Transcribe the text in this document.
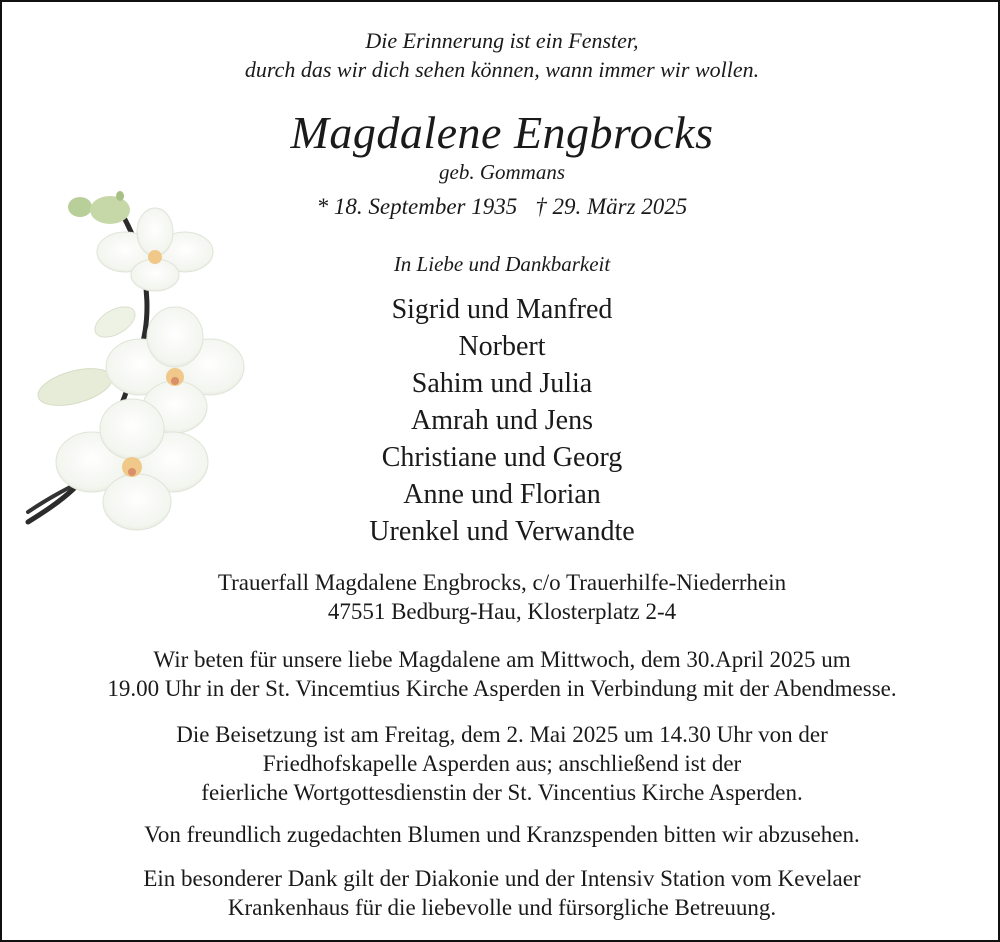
Die Erinnerung ist ein Fenster,
durch das wir dich sehen können, wann immer wir wollen.
Magdalene Engbrocks
geb. Gommans
* 18. September 1935 † 29. März 2025
In Liebe und Dankbarkeit
Sigrid und Manfred
Norbert
Sahim und Julia
Amrah und Jens
Christiane und Georg
Anne und Florian
Urenkel und Verwandte
Trauerfall Magdalene Engbrocks, c/o Trauerhilfe-Niederrhein
47551 Bedburg-Hau, Klosterplatz 2-4
Wir beten für unsere liebe Magdalene am Mittwoch, dem 30.April 2025 um
19.00 Uhr in der St. Vincemtius Kirche Asperden in Verbindung mit der Abendmesse.
Die Beisetzung ist am Freitag, dem 2. Mai 2025 um 14.30 Uhr von der
Friedhofskapelle Asperden aus; anschließend ist der
feierliche Wortgottesdienstin der St. Vincentius Kirche Asperden.
Von freundlich zugedachten Blumen und Kranzspenden bitten wir abzusehen.
Ein besonderer Dank gilt der Diakonie und der Intensiv Station vom Kevelaer
Krankenhaus für die liebevolle und fürsorgliche Betreuung.
